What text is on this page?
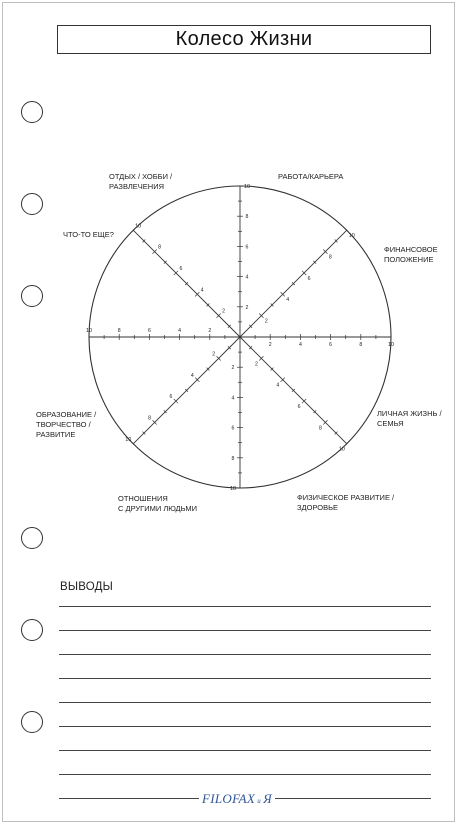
Колесо Жизни
2	4	6	8	10
2
4
6
8
10
2
4
6
8
10
2
4
6
8
10
2
4
6
8
10
2
4
6
8
10
2
4
6
8
10
2
4
6
8
10
РАБОТА/КАРЬЕРА
ФИНАНСОВОЕ
ПОЛОЖЕНИЕ
ЛИЧНАЯ ЖИЗНЬ /
СЕМЬЯ
ФИЗИЧЕСКОЕ РАЗВИТИЕ /
ЗДОРОВЬЕ
ОТНОШЕНИЯ
С ДРУГИМИ ЛЮДЬМИ
ОБРАЗОВАНИЕ /
ТВОРЧЕСТВО /
РАЗВИТИЕ
ЧТО-ТО ЕЩЕ?
ОТДЫХ / ХОББИ /
РАЗВЛЕЧЕНИЯ
ВЫВОДЫ
FILOFAX и Я
